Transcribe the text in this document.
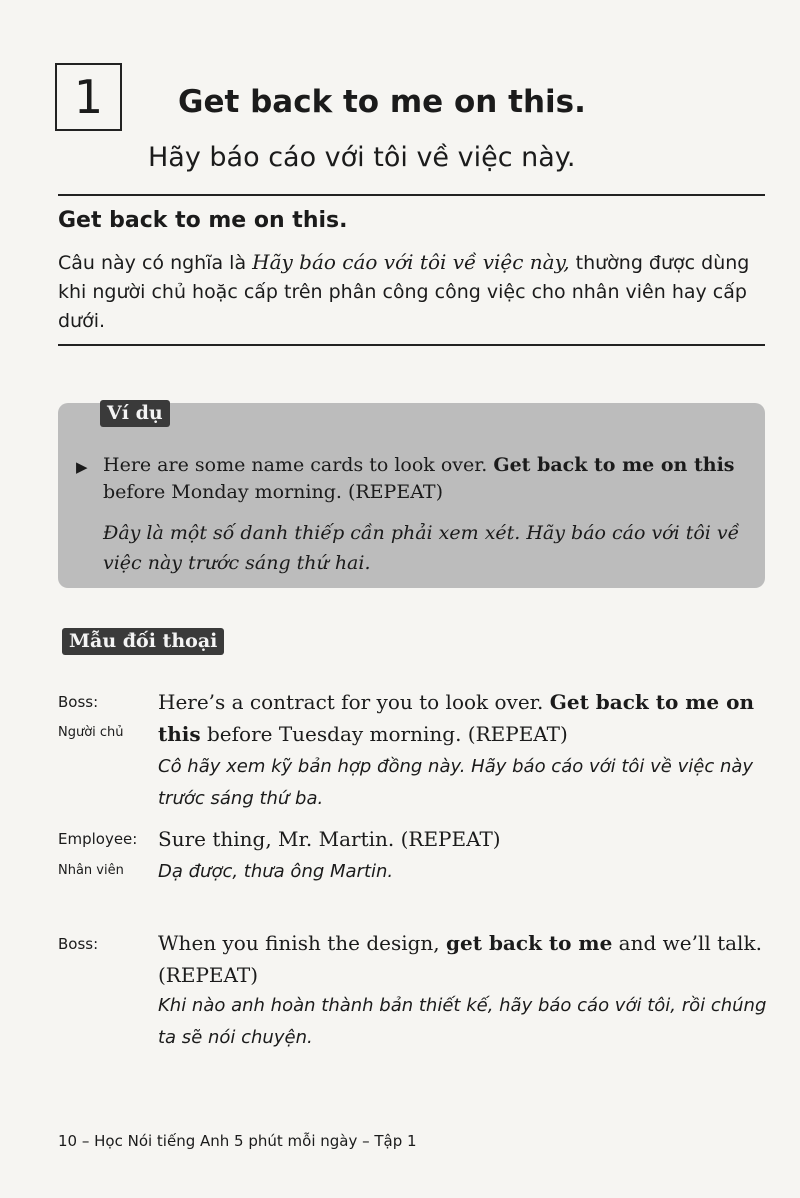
1	Get back to me on this.
Hãy báo cáo với tôi về việc này.
Get back to me on this.
Câu này có nghĩa là Hãy báo cáo với tôi về việc này, thường được dùng khi người chủ hoặc cấp trên phân công công việc cho nhân viên hay cấp dưới.
Ví dụ
▶ Here are some name cards to look over. Get back to me on this before Monday morning. (REPEAT)
Đây là một số danh thiếp cần phải xem xét. Hãy báo cáo với tôi về việc này trước sáng thứ hai.
Mẫu đối thoại
Boss:
Người chủ
Here’s a contract for you to look over. Get back to me on this before Tuesday morning. (REPEAT)
Cô hãy xem kỹ bản hợp đồng này. Hãy báo cáo với tôi về việc này trước sáng thứ ba.
Employee:
Nhân viên
Sure thing, Mr. Martin. (REPEAT)
Dạ được, thưa ông Martin.
Boss:	When you finish the design, get back to me and we’ll talk. (REPEAT)
Khi nào anh hoàn thành bản thiết kế, hãy báo cáo với tôi, rồi chúng ta sẽ nói chuyện.
10 – Học Nói tiếng Anh 5 phút mỗi ngày – Tập 1
